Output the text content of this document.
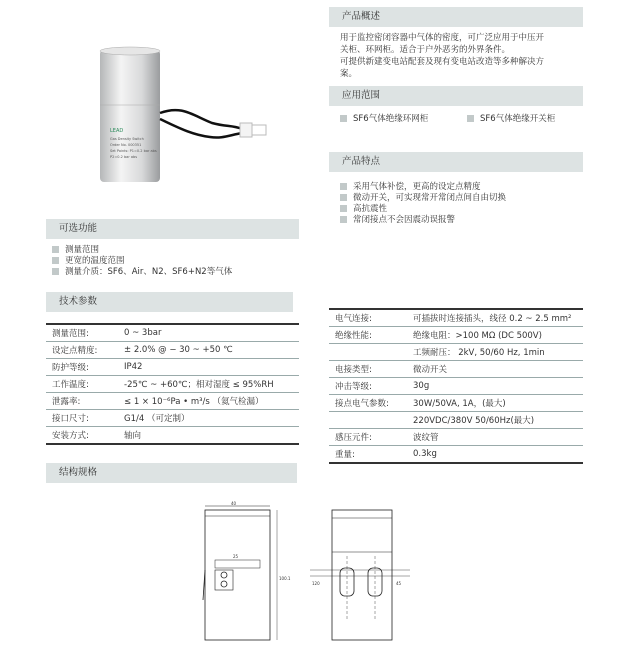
LEAD
Gas Density Switch
Order No. 000351
Set Points: P1=0.2 bar abs
P2=0.2 bar abs
产品概述
用于监控密闭容器中气体的密度，可广泛应用于中压开
关柜、环网柜。适合于户外恶劣的外界条件。
可提供新建变电站配套及现有变电站改造等多种解决方
案。
应用范围
SF6气体绝缘环网柜	SF6气体绝缘开关柜
产品特点
采用气体补偿，更高的设定点精度
微动开关，可实现常开常闭点间自由切换
高抗震性
常闭接点不会因震动误报警
可选功能
测量范围
更宽的温度范围
测量介质：SF6、Air、N2、SF6+N2等气体
技术参数
测量范围:	0 ~ 3bar
设定点精度:	± 2.0% @ − 30 ~ +50 ℃
防护等级:	IP42
工作温度:	-25℃ ~ +60℃；相对湿度 ≤ 95%RH
泄露率:	≤ 1 × 10⁻⁶Pa • m³/s （氦气检漏）
接口尺寸:	G1/4 （可定制）
安装方式:	轴向
电气连接:	可插拔时连接插头，线径 0.2 ~ 2.5 mm²
绝缘性能:	绝缘电阻：>100 MΩ (DC 500V)
	工频耐压： 2kV, 50/60 Hz, 1min
电接类型:	微动开关
冲击等级:	30g
接点电气参数:	30W/50VA, 1A，(最大)
	220VDC/380V 50/60Hz(最大)
感压元件:	波纹管
重量:	0.3kg
结构规格
40
25
100.1
120	45
